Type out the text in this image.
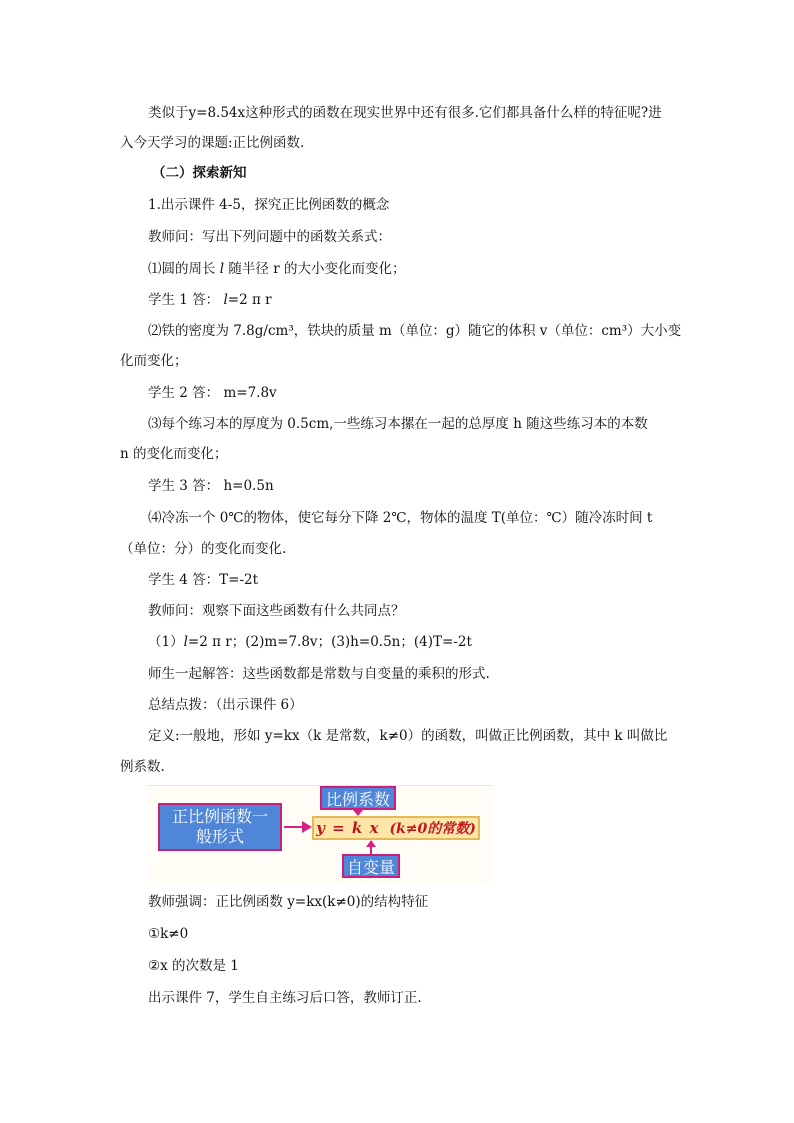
类似于y=8.54x这种形式的函数在现实世界中还有很多.它们都具备什么样的特征呢?进

入今天学习的课题:正比例函数.

（二）探索新知

1.出示课件 4-5，探究正比例函数的概念

教师问：写出下列问题中的函数关系式：

⑴圆的周长 l 随半径 r 的大小变化而变化；

学生 1 答： l=2 π r

⑵铁的密度为 7.8g/cm³，铁块的质量 m（单位：g）随它的体积 v（单位：cm³）大小变

化而变化；

学生 2 答： m=7.8v

⑶每个练习本的厚度为 0.5cm,一些练习本摞在一起的总厚度 h 随这些练习本的本数

n 的变化而变化；

学生 3 答： h=0.5n

⑷冷冻一个 0℃的物体，使它每分下降 2℃，物体的温度 T(单位：℃）随冷冻时间 t

（单位：分）的变化而变化.

学生 4 答：T=-2t

教师问：观察下面这些函数有什么共同点？

（1）l=2 π r；(2)m=7.8v；(3)h=0.5n；(4)T=-2t

师生一起解答：这些函数都是常数与自变量的乘积的形式.

总结点拨：（出示课件 6）

定义:一般地，形如 y=kx（k 是常数，k≠0）的函数，叫做正比例函数，其中 k 叫做比

例系数.

正比例函数一
般形式
比例系数
y = k x (k≠0的常数)
自变量

教师强调：正比例函数 y=kx(k≠0)的结构特征

①k≠0

②x 的次数是 1

出示课件 7，学生自主练习后口答，教师订正.
